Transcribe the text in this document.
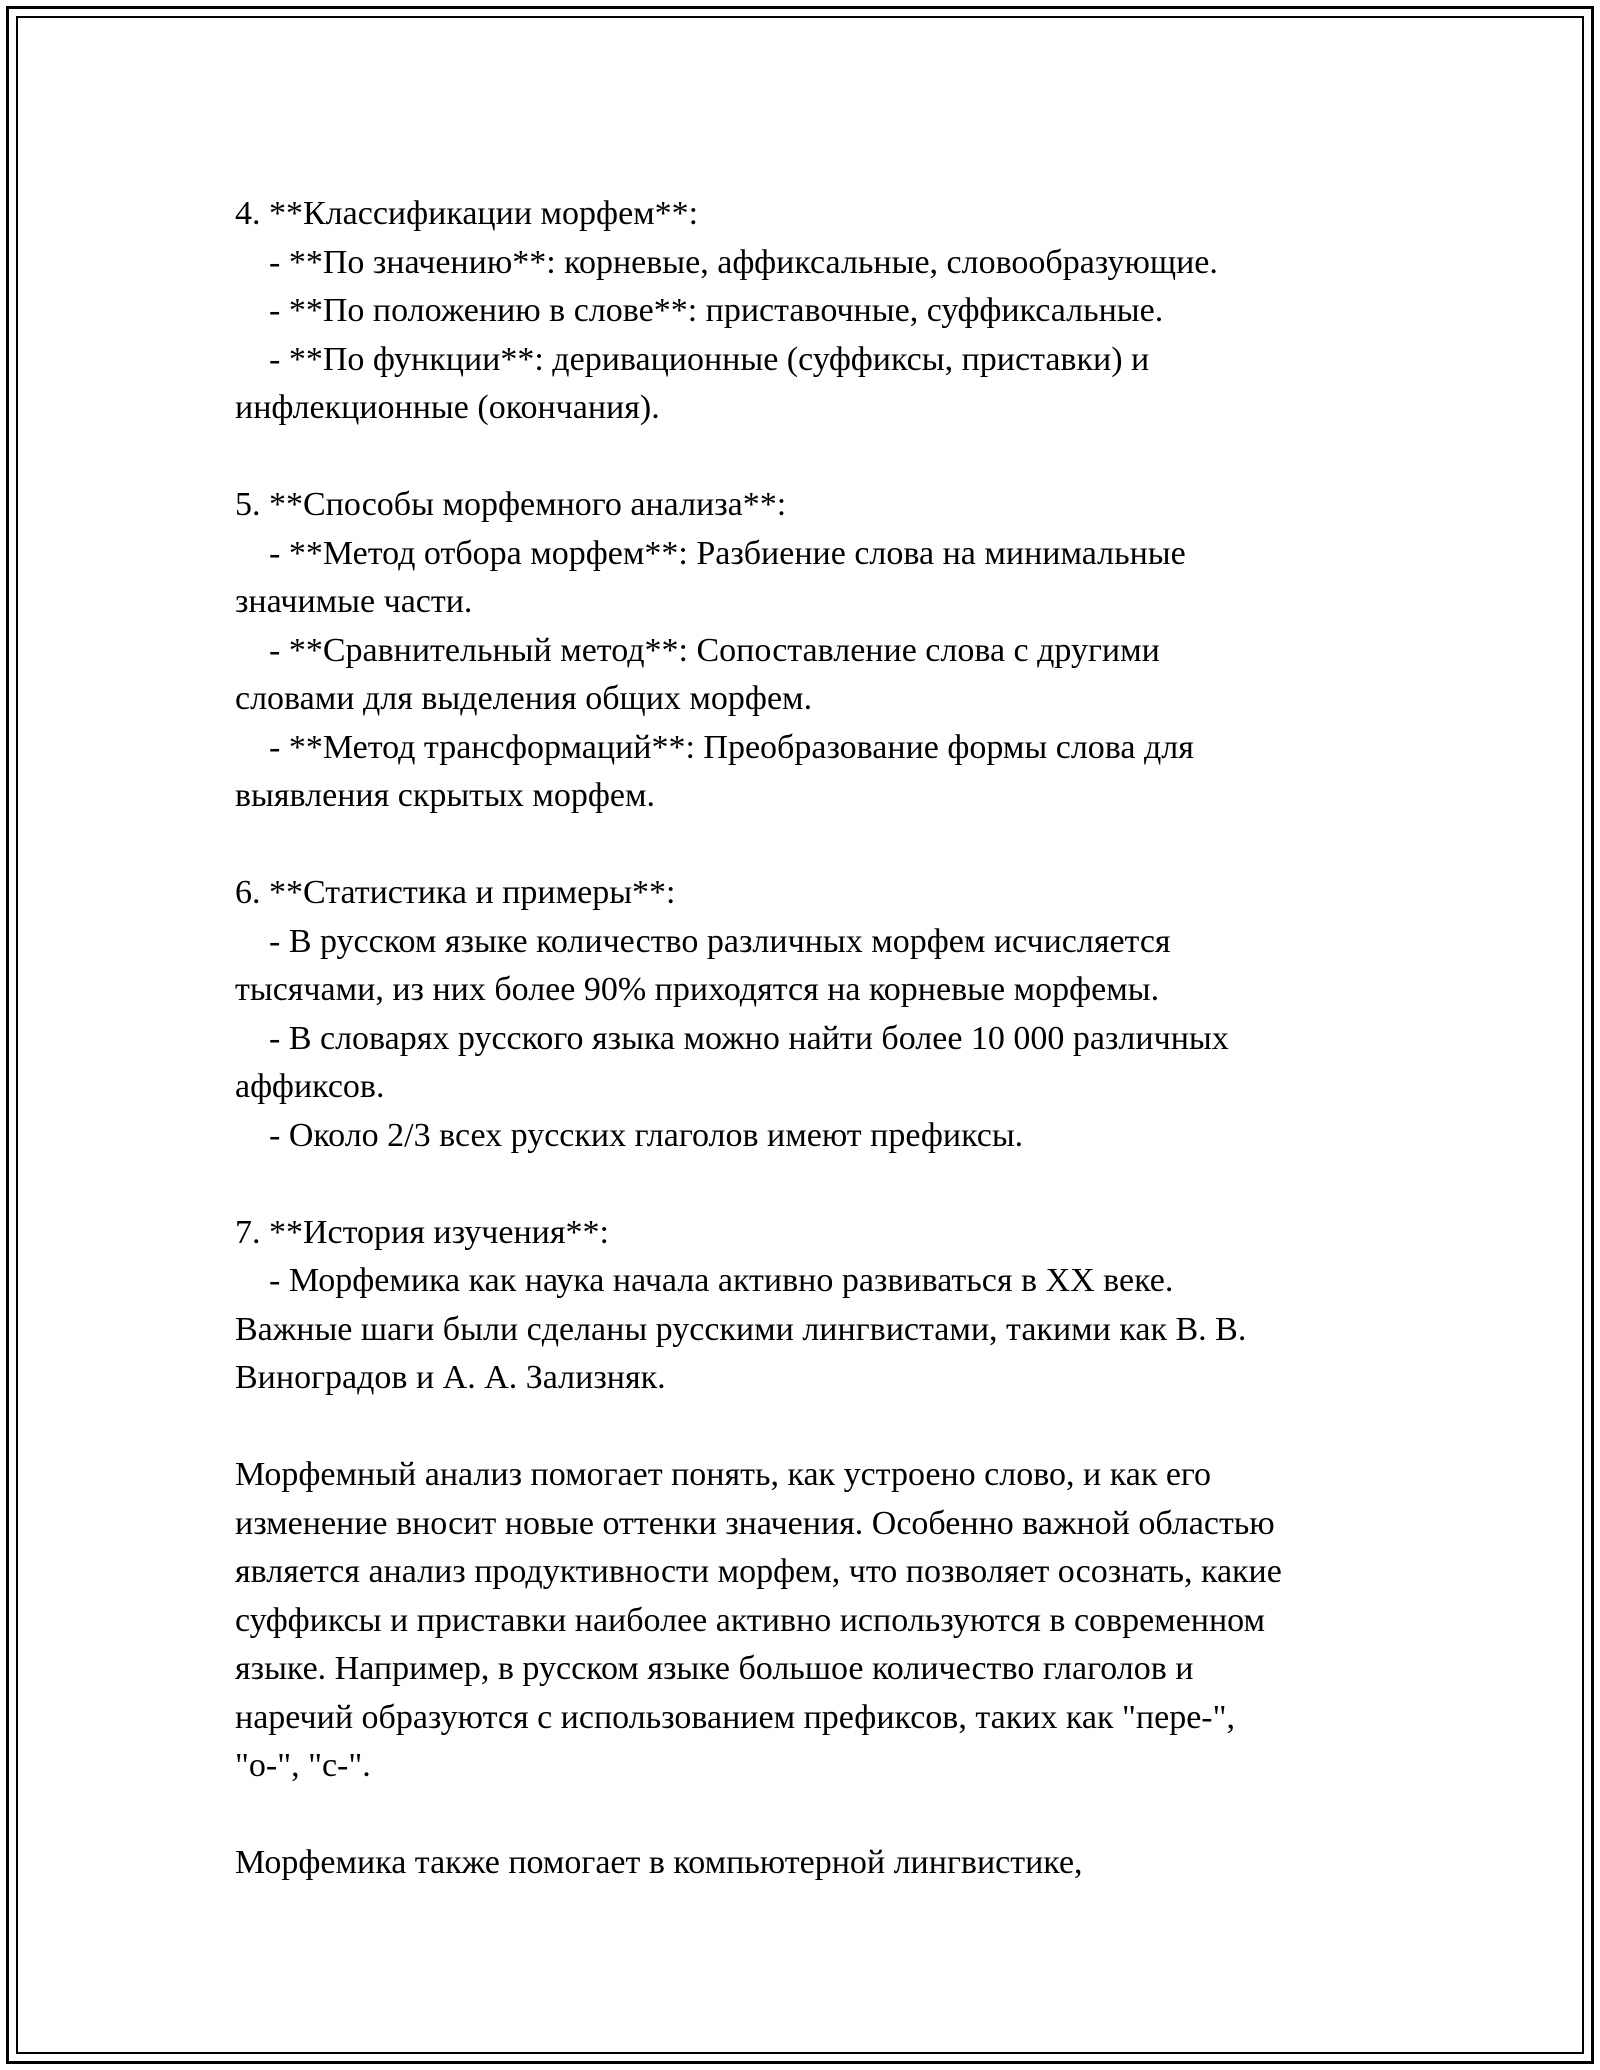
4. **Классификации морфем**:

- **По значению**: корневые, аффиксальные, словообразующие.

- **По положению в слове**: приставочные, суффиксальные.

- **По функции**: деривационные (суффиксы, приставки) и
инфлекционные (окончания).

5. **Способы морфемного анализа**:

- **Метод отбора морфем**: Разбиение слова на минимальные
значимые части.

- **Сравнительный метод**: Сопоставление слова с другими
словами для выделения общих морфем.

- **Метод трансформаций**: Преобразование формы слова для
выявления скрытых морфем.

6. **Статистика и примеры**:

- В русском языке количество различных морфем исчисляется
тысячами, из них более 90% приходятся на корневые морфемы.

- В словарях русского языка можно найти более 10 000 различных
аффиксов.

- Около 2/3 всех русских глаголов имеют префиксы.

7. **История изучения**:

- Морфемика как наука начала активно развиваться в XX веке.
Важные шаги были сделаны русскими лингвистами, такими как В. В.
Виноградов и А. А. Зализняк.

Морфемный анализ помогает понять, как устроено слово, и как его
изменение вносит новые оттенки значения. Особенно важной областью
является анализ продуктивности морфем, что позволяет осознать, какие
суффиксы и приставки наиболее активно используются в современном
языке. Например, в русском языке большое количество глаголов и
наречий образуются с использованием префиксов, таких как "пере-",
"о-", "с-".

Морфемика также помогает в компьютерной лингвистике,
